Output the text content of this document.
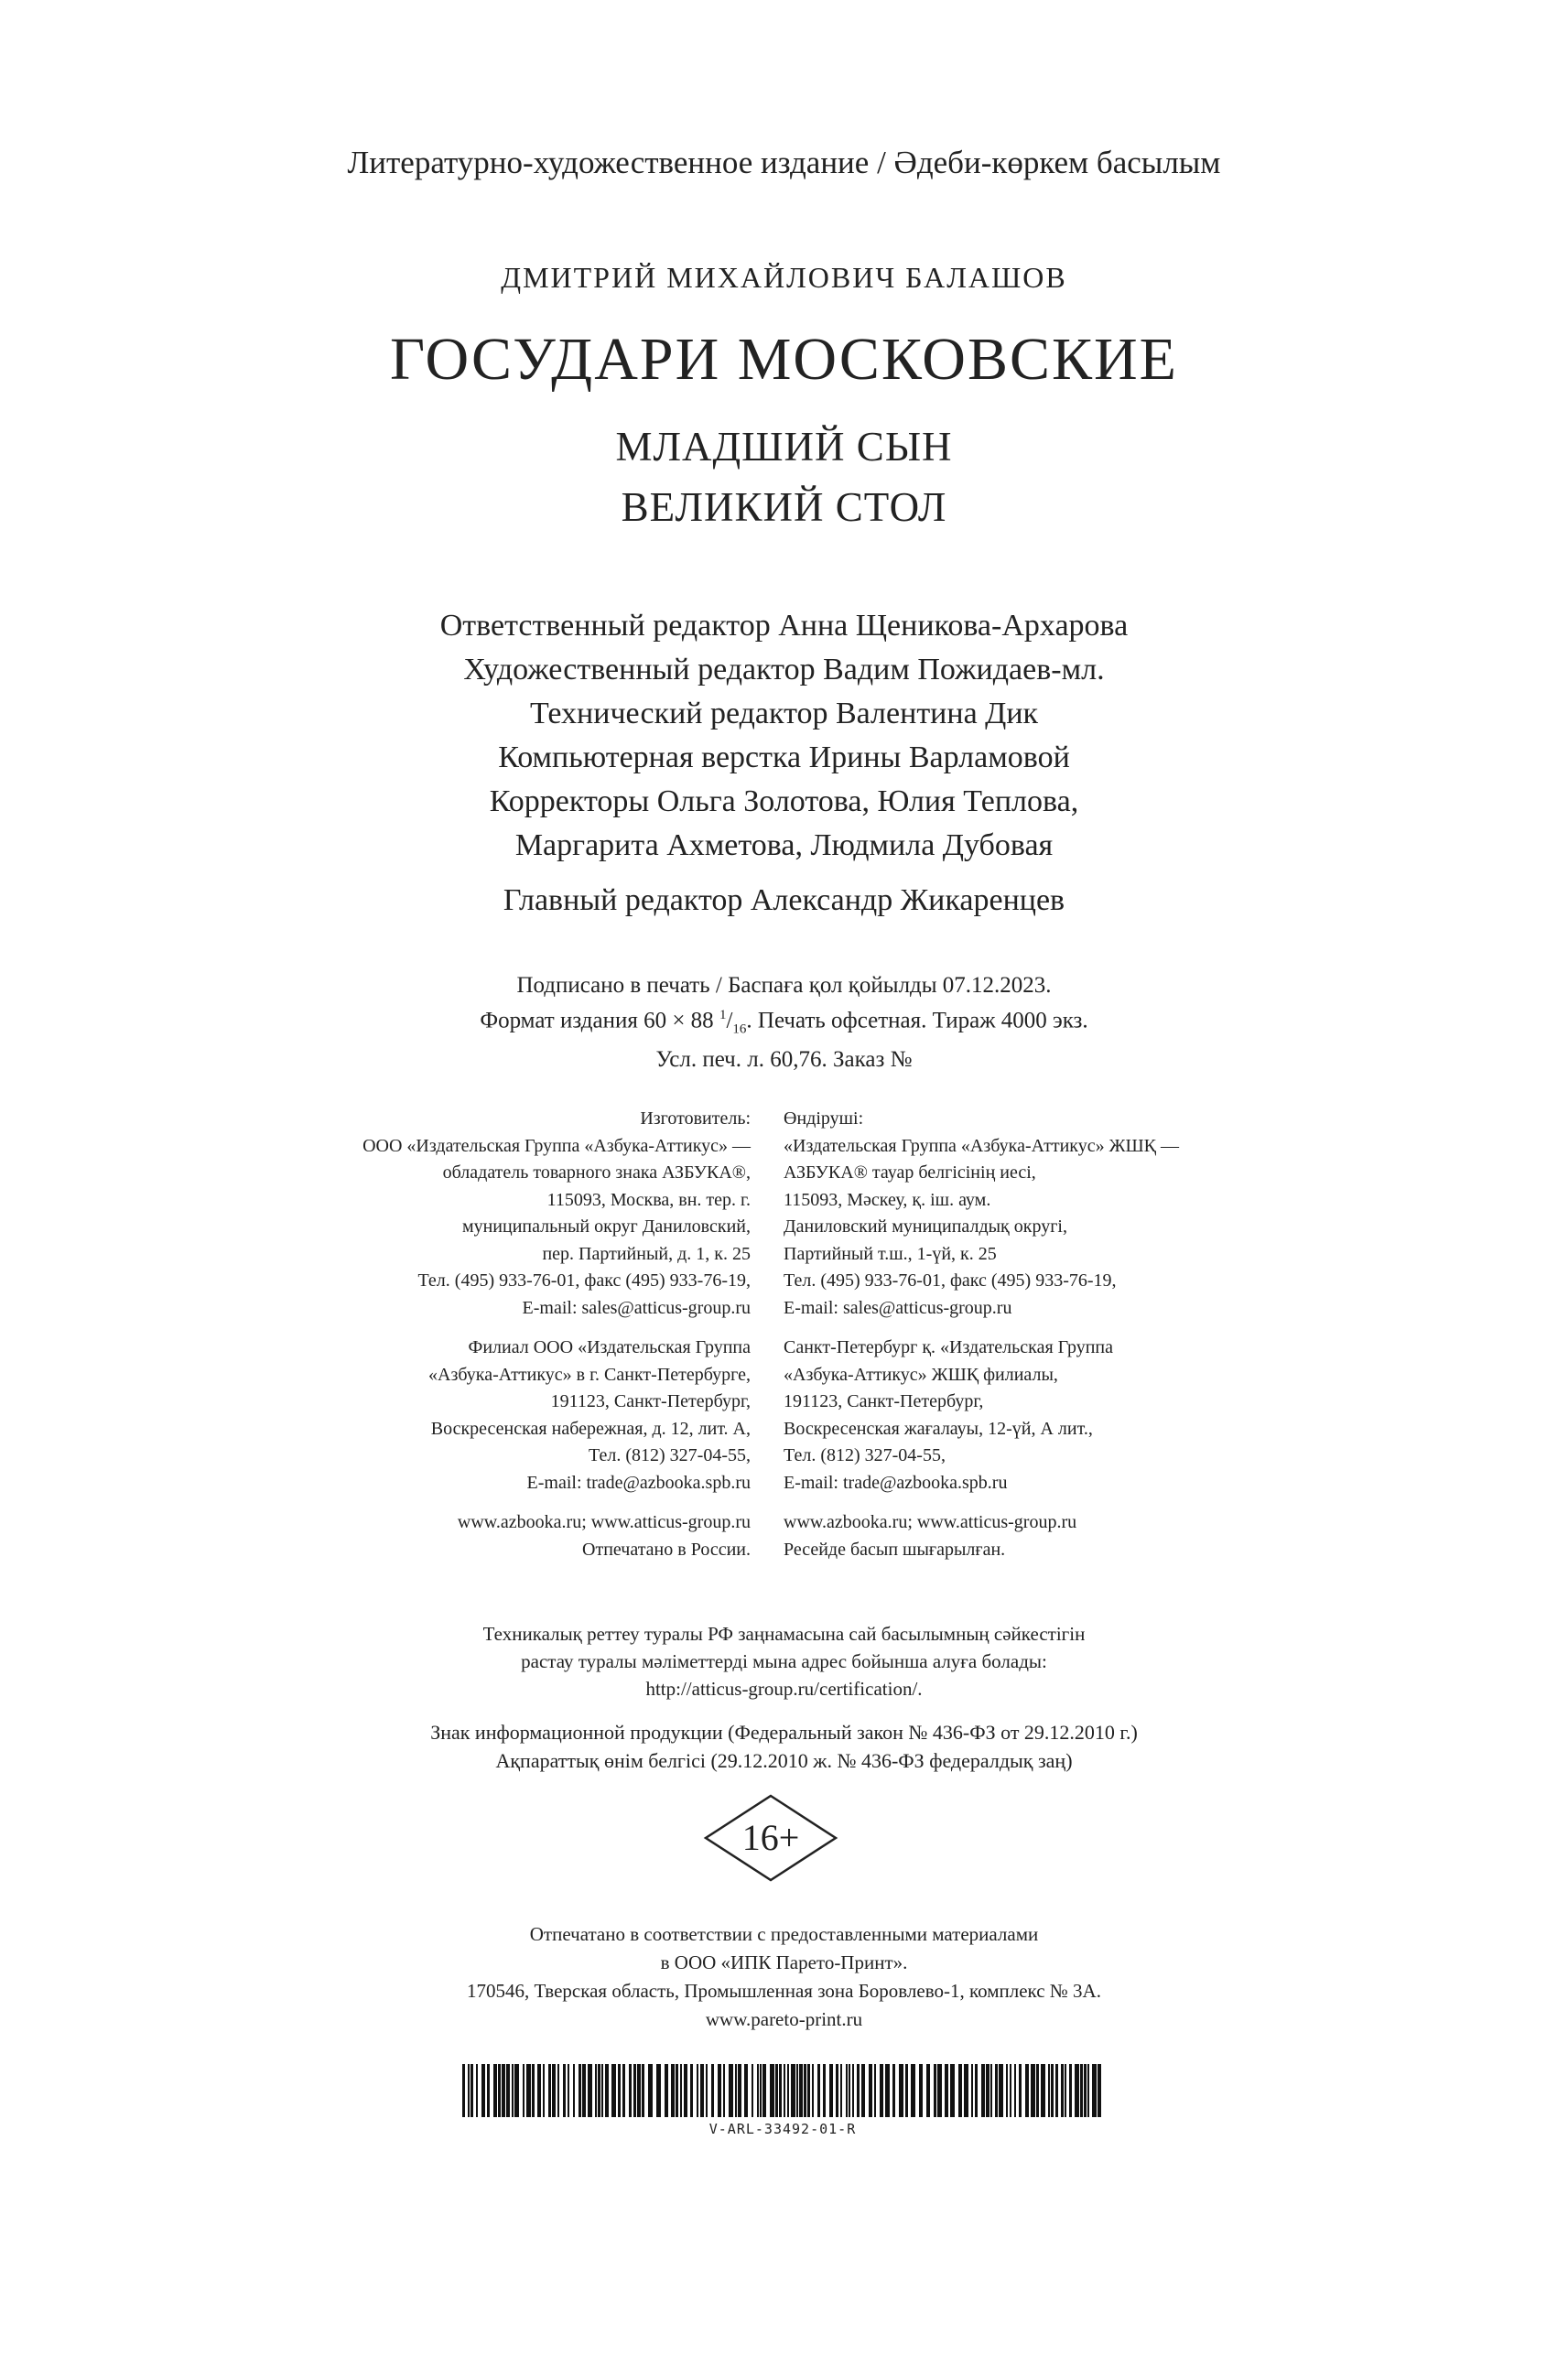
Литературно-художественное издание / Әдеби-көркем басылым
ДМИТРИЙ МИХАЙЛОВИЧ БАЛАШОВ
ГОСУДАРИ МОСКОВСКИЕ
МЛАДШИЙ СЫН
ВЕЛИКИЙ СТОЛ
Ответственный редактор Анна Щеникова-Архарова
Художественный редактор Вадим Пожидаев-мл.
Технический редактор Валентина Дик
Компьютерная верстка Ирины Варламовой
Корректоры Ольга Золотова, Юлия Теплова,
Маргарита Ахметова, Людмила Дубовая
Главный редактор Александр Жикаренцев
Подписано в печать / Баспаға қол қойылды 07.12.2023.
Формат издания 60 × 88 $^1/_{16}$. Печать офсетная. Тираж 4000 экз.
Усл. печ. л. 60,76. Заказ №
Изготовитель:
ООО «Издательская Группа «Азбука-Аттикус» —
обладатель товарного знака АЗБУКА®,
115093, Москва, вн. тер. г.
муниципальный округ Даниловский,
пер. Партийный, д. 1, к. 25
Тел. (495) 933-76-01, факс (495) 933-76-19,
E-mail: sales@atticus-group.ru
Филиал ООО «Издательская Группа
«Азбука-Аттикус» в г. Санкт-Петербурге,
191123, Санкт-Петербург,
Воскресенская набережная, д. 12, лит. А,
Тел. (812) 327-04-55,
E-mail: trade@azbooka.spb.ru
www.azbooka.ru; www.atticus-group.ru
Отпечатано в России.
Өндіруші:
«Издательская Группа «Азбука-Аттикус» ЖШҚ —
АЗБУКА® тауар белгісінің иесі,
115093, Мәскеу, қ. іш. аум.
Даниловский муниципалдық округі,
Партийный т.ш., 1-үй, к. 25
Тел. (495) 933-76-01, факс (495) 933-76-19,
E-mail: sales@atticus-group.ru
Санкт-Петербург қ. «Издательская Группа
«Азбука-Аттикус» ЖШҚ филиалы,
191123, Санкт-Петербург,
Воскресенская жағалауы, 12-үй, А лит.,
Тел. (812) 327-04-55,
E-mail: trade@azbooka.spb.ru
www.azbooka.ru; www.atticus-group.ru
Ресейде басып шығарылған.
Техникалық реттеу туралы РФ заңнамасына сай басылымның сәйкестігін
растау туралы мәліметтерді мына адрес бойынша алуға болады:
http://atticus-group.ru/certification/.
Знак информационной продукции (Федеральный закон № 436-ФЗ от 29.12.2010 г.)
Ақпараттық өнім белгісі (29.12.2010 ж. № 436-ФЗ федералдық заң)
16+
Отпечатано в соответствии с предоставленными материалами
в ООО «ИПК Парето-Принт».
170546, Тверская область, Промышленная зона Боровлево-1, комплекс № 3А.
www.pareto-print.ru
V-ARL-33492-01-R
